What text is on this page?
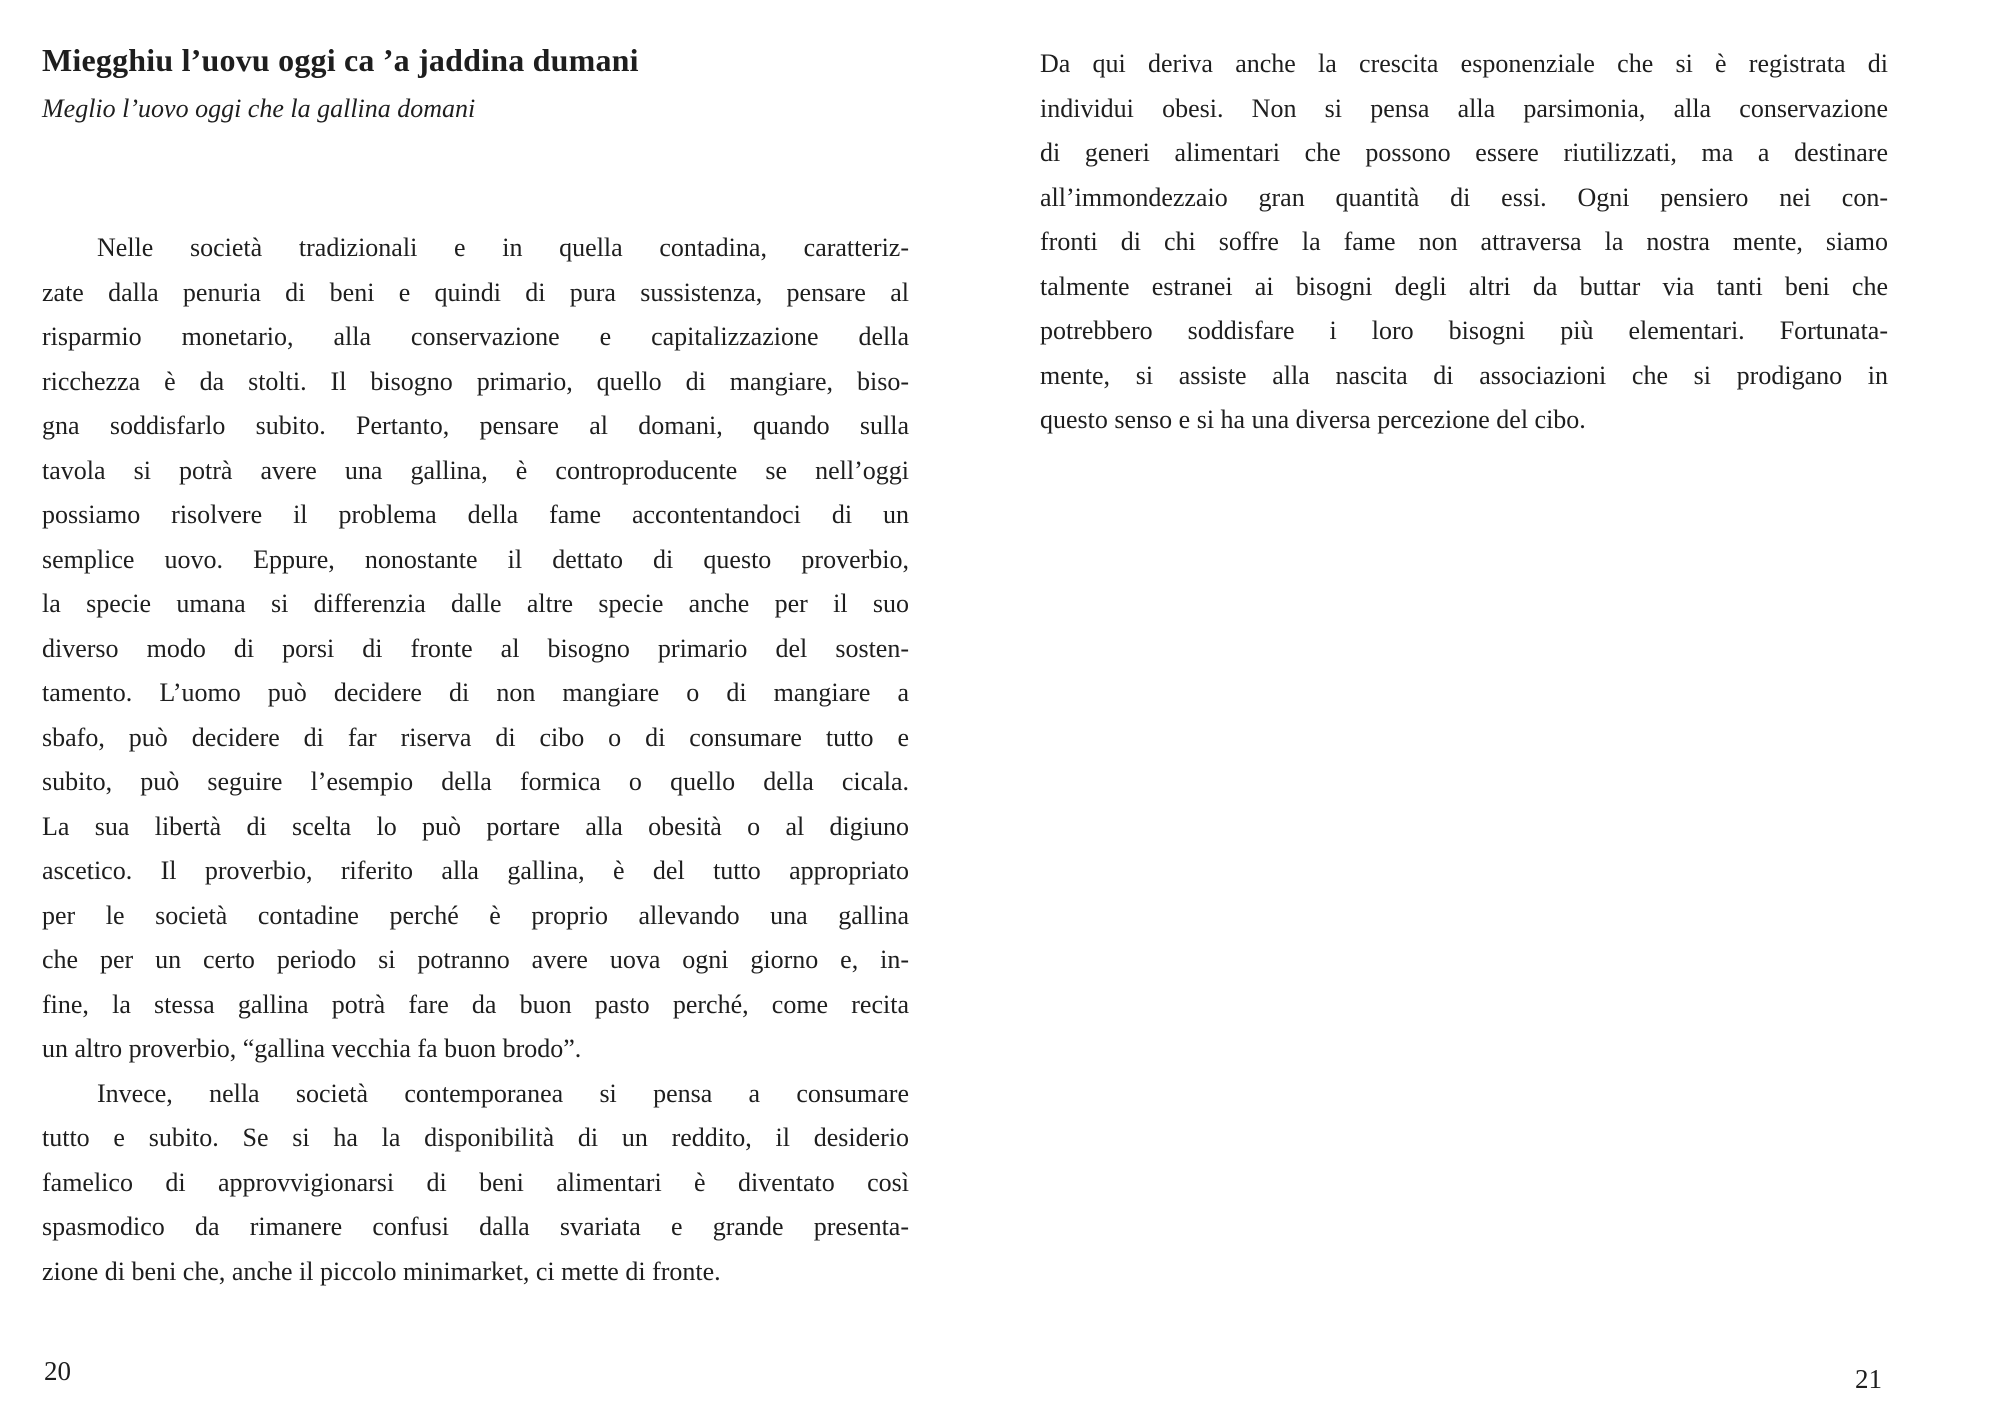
Miegghiu l’uovu oggi ca ’a jaddina dumani
Meglio l’uovo oggi che la gallina domani
Nelle società tradizionali e in quella contadina, caratteriz-
zate dalla penuria di beni e quindi di pura sussistenza, pensare al
risparmio monetario, alla conservazione e capitalizzazione della
ricchezza è da stolti. Il bisogno primario, quello di mangiare, biso-
gna soddisfarlo subito. Pertanto, pensare al domani, quando sulla
tavola si potrà avere una gallina, è controproducente se nell’oggi
possiamo risolvere il problema della fame accontentandoci di un
semplice uovo. Eppure, nonostante il dettato di questo proverbio,
la specie umana si differenzia dalle altre specie anche per il suo
diverso modo di porsi di fronte al bisogno primario del sosten-
tamento. L’uomo può decidere di non mangiare o di mangiare a
sbafo, può decidere di far riserva di cibo o di consumare tutto e
subito, può seguire l’esempio della formica o quello della cicala.
La sua libertà di scelta lo può portare alla obesità o al digiuno
ascetico. Il proverbio, riferito alla gallina, è del tutto appropriato
per le società contadine perché è proprio allevando una gallina
che per un certo periodo si potranno avere uova ogni giorno e, in-
fine, la stessa gallina potrà fare da buon pasto perché, come recita
un altro proverbio, “gallina vecchia fa buon brodo”.
Invece, nella società contemporanea si pensa a consumare
tutto e subito. Se si ha la disponibilità di un reddito, il desiderio
famelico di approvvigionarsi di beni alimentari è diventato così
spasmodico da rimanere confusi dalla svariata e grande presenta-
zione di beni che, anche il piccolo minimarket, ci mette di fronte.
20
Da qui deriva anche la crescita esponenziale che si è registrata di
individui obesi. Non si pensa alla parsimonia, alla conservazione
di generi alimentari che possono essere riutilizzati, ma a destinare
all’immondezzaio gran quantità di essi. Ogni pensiero nei con-
fronti di chi soffre la fame non attraversa la nostra mente, siamo
talmente estranei ai bisogni degli altri da buttar via tanti beni che
potrebbero soddisfare i loro bisogni più elementari. Fortunata-
mente, si assiste alla nascita di associazioni che si prodigano in
questo senso e si ha una diversa percezione del cibo.
21
